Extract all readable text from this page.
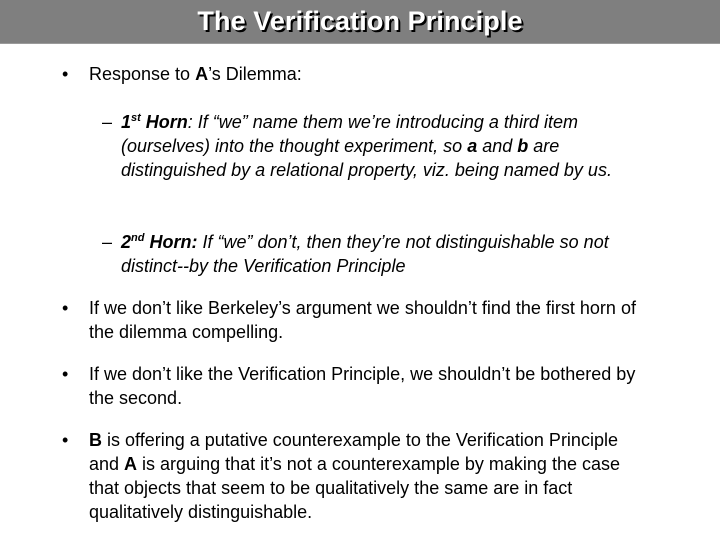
The Verification Principle
• Response to A’s Dilemma:
– 1st Horn: If “we” name them we’re introducing a third item (ourselves) into the thought experiment, so a and b are distinguished by a relational property, viz. being named by us.
– 2nd Horn: If “we” don’t, then they’re not distinguishable so not distinct--by the Verification Principle
• If we don’t like Berkeley’s argument we shouldn’t find the first horn of the dilemma compelling.
• If we don’t like the Verification Principle, we shouldn’t be bothered by the second.
• B is offering a putative counterexample to the Verification Principle and A is arguing that it’s not a counterexample by making the case that objects that seem to be qualitatively the same are in fact qualitatively distinguishable.
